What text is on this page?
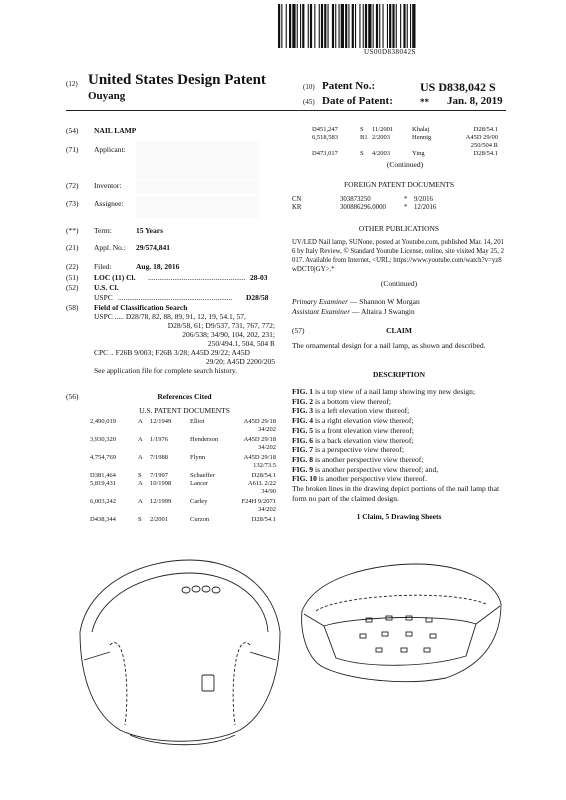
US00D838042S
(12) United States Design Patent
Ouyang
(10) Patent No.:	US D838,042 S
(45) Date of Patent:	** Jan. 8, 2019
(54) NAIL LAMP
(71) Applicant:
(72) Inventor:
(73) Assignee:
(**) Term:	15 Years
(21) Appl. No.: 29/574,841
(22) Filed:	Aug. 18, 2016
(51) LOC (11) Cl. .................................................... 28-03
(52) U.S. Cl.
USPC .............................................................	D28/58
(58) Field of Classification Search
USPC ..... D28/78, 82, 88, 89, 91, 12, 19, 54.1, 57,
D28/58, 61; D9/537, 731, 767, 772;
206/538; 34/90, 104, 202, 231;
250/494.1, 504, 504 R
CPC .. F26B 9/003; F26B 3/28; A45D 29/22; A45D
29/20; A45D 2200/205
See application file for complete search history.
(56)	References Cited
U.S. PATENT DOCUMENTS
2,490,019	A	12/1949	Elliot	A45D 29/18
34/202
3,930,320	A	1/1976	Henderson	A45D 29/18
34/202
4,754,769	A	7/1988	Flynn	A45D 29/18
132/73.5
D381,464	S	7/1997	Schaeffer	D28/54.1
5,819,431	A	10/1998	Lancer	A61L 2/22
34/90
6,003,242	A	12/1999	Carley	F24H 9/2071
34/202
D438,344	S	2/2001	Curzon	D28/54.1
D451,247	S	11/2001	Khalaj	D28/54.1
6,518,583	B1 2/2003	Hennig	A45D 29/00
250/504 R
D473,017	S	4/2003	Ying	D28/54.1
(Continued)
FOREIGN PATENT DOCUMENTS
CN	303873250	* 9/2016
KR	300886296.0000	* 12/2016
OTHER PUBLICATIONS
UV/LED Nail lamp, SUNone, posted at Youtube.com, published Mar. 14, 2016 by Italy Review, © Standard Youtube License, online, site visited May 25, 2017. Available from Internet, <URL: https://www.youtube.com/watch?v=yz8wDCT0jGY>.*
(Continued)
Primary Examiner — Shannon W Morgan
Assistant Examiner — Altaira J Swangin
(57)	CLAIM
The ornamental design for a nail lamp, as shown and described.
DESCRIPTION
FIG. 1 is a top view of a nail lamp showing my new design;
FIG. 2 is a bottom view thereof;
FIG. 3 is a left elevation view thereof;
FIG. 4 is a right elevation view thereof;
FIG. 5 is a front elevation view thereof;
FIG. 6 is a back elevation view thereof;
FIG. 7 is a perspective view thereof;
FIG. 8 is another perspective view thereof;
FIG. 9 is another perspective view thereof; and,
FIG. 10 is another perspective view thereof.
The broken lines in the drawing depict portions of the nail lamp that form no part of the claimed design.
1 Claim, 5 Drawing Sheets
